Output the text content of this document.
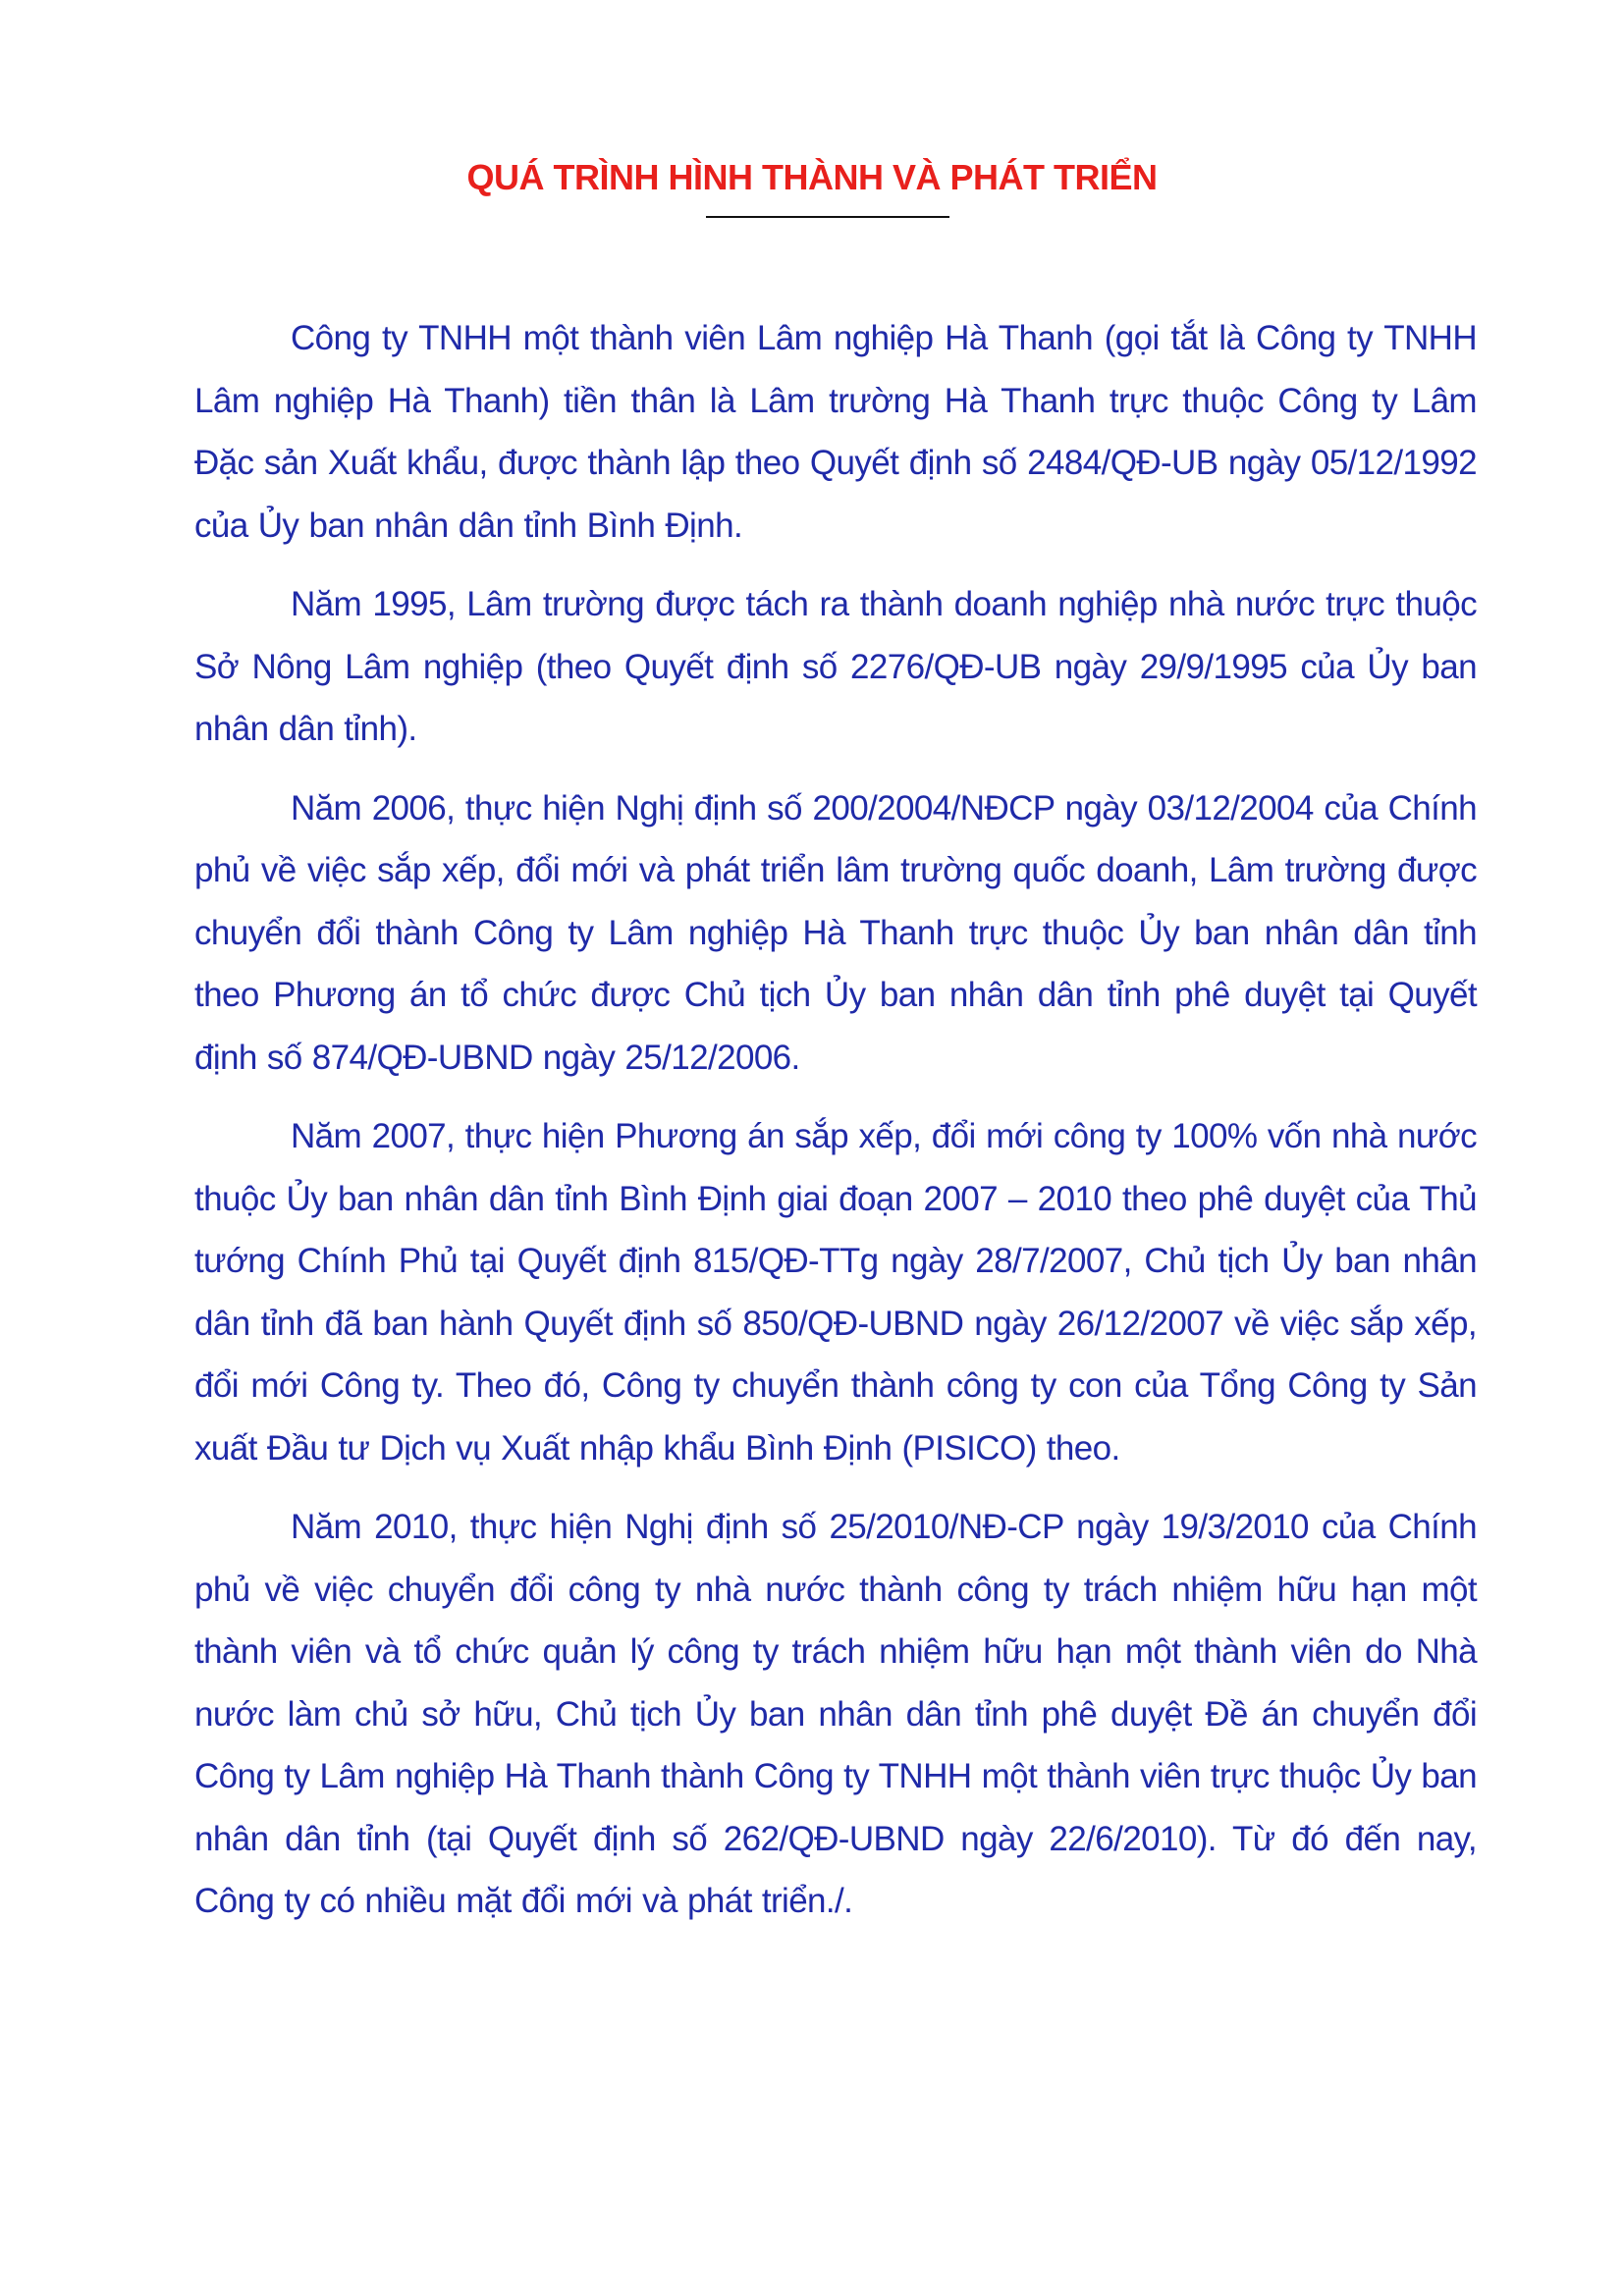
QUÁ TRÌNH HÌNH THÀNH VÀ PHÁT TRIỂN

Công ty TNHH một thành viên Lâm nghiệp Hà Thanh (gọi tắt là Công ty TNHH Lâm nghiệp Hà Thanh) tiền thân là Lâm trường Hà Thanh trực thuộc Công ty Lâm Đặc sản Xuất khẩu, được thành lập theo Quyết định số 2484/QĐ-UB ngày 05/12/1992 của Ủy ban nhân dân tỉnh Bình Định.

Năm 1995, Lâm trường được tách ra thành doanh nghiệp nhà nước trực thuộc Sở Nông Lâm nghiệp (theo Quyết định số 2276/QĐ-UB ngày 29/9/1995 của Ủy ban nhân dân tỉnh).

Năm 2006, thực hiện Nghị định số 200/2004/NĐCP ngày 03/12/2004 của Chính phủ về việc sắp xếp, đổi mới và phát triển lâm trường quốc doanh, Lâm trường được chuyển đổi thành Công ty Lâm nghiệp Hà Thanh trực thuộc Ủy ban nhân dân tỉnh theo Phương án tổ chức được Chủ tịch Ủy ban nhân dân tỉnh phê duyệt tại Quyết định số 874/QĐ-UBND ngày 25/12/2006.

Năm 2007, thực hiện Phương án sắp xếp, đổi mới công ty 100% vốn nhà nước thuộc Ủy ban nhân dân tỉnh Bình Định giai đoạn 2007 – 2010 theo phê duyệt của Thủ tướng Chính Phủ tại Quyết định 815/QĐ-TTg ngày 28/7/2007, Chủ tịch Ủy ban nhân dân tỉnh đã ban hành Quyết định số 850/QĐ-UBND ngày 26/12/2007 về việc sắp xếp, đổi mới Công ty. Theo đó, Công ty chuyển thành công ty con của Tổng Công ty Sản xuất Đầu tư Dịch vụ Xuất nhập khẩu Bình Định (PISICO) theo.

Năm 2010, thực hiện Nghị định số 25/2010/NĐ-CP ngày 19/3/2010 của Chính phủ về việc chuyển đổi công ty nhà nước thành công ty trách nhiệm hữu hạn một thành viên và tổ chức quản lý công ty trách nhiệm hữu hạn một thành viên do Nhà nước làm chủ sở hữu, Chủ tịch Ủy ban nhân dân tỉnh phê duyệt Đề án chuyển đổi Công ty Lâm nghiệp Hà Thanh thành Công ty TNHH một thành viên trực thuộc Ủy ban nhân dân tỉnh (tại Quyết định số 262/QĐ-UBND ngày 22/6/2010). Từ đó đến nay, Công ty có nhiều mặt đổi mới và phát triển./.
